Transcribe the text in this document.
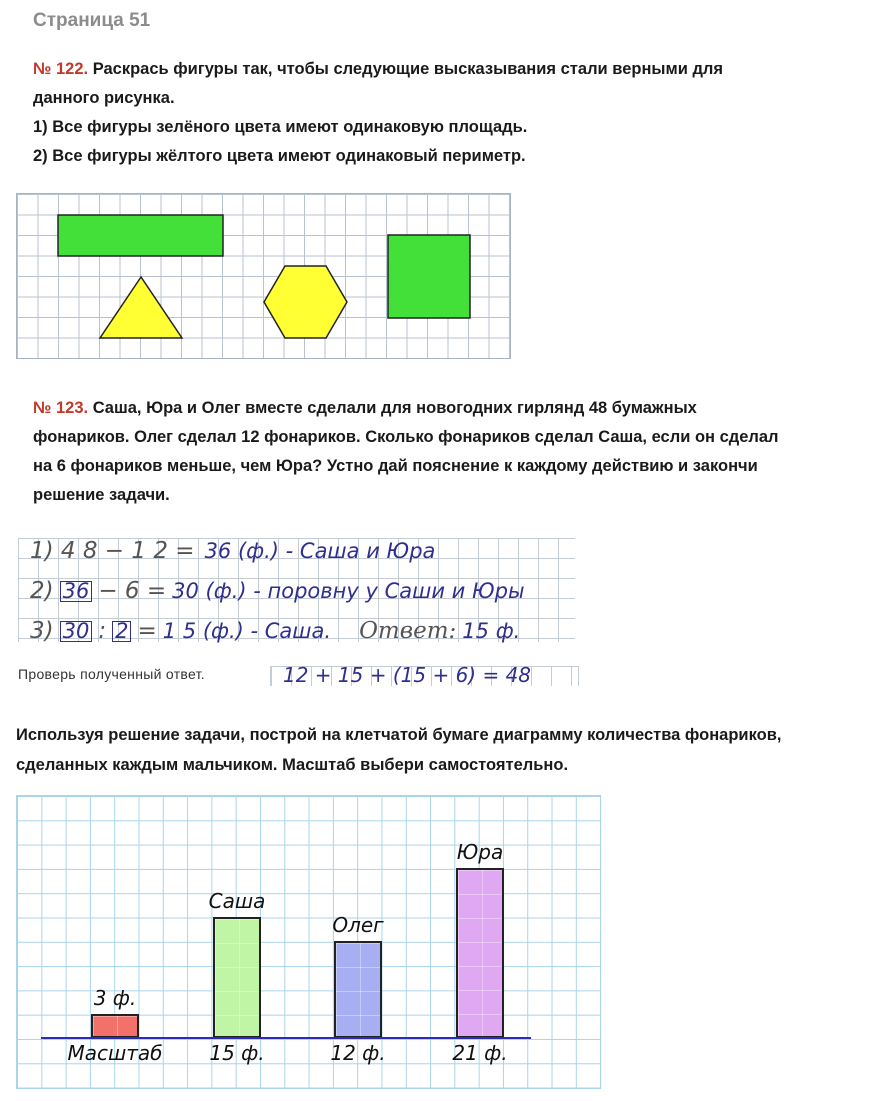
Страница 51

№ 122. Раскрась фигуры так, чтобы следующие высказывания стали верными для

данного рисунка.

1) Все фигуры зелёного цвета имеют одинаковую площадь.

2) Все фигуры жёлтого цвета имеют одинаковый периметр.

№ 123. Саша, Юра и Олег вместе сделали для новогодних гирлянд 48 бумажных

фонариков. Олег сделал 12 фонариков. Сколько фонариков сделал Саша, если он сделал

на 6 фонариков меньше, чем Юра? Устно дай пояснение к каждому действию и закончи

решение задачи.

1) 4 8 − 1 2 = 36 (ф.) - Саша и Юра
2) 36 − 6 = 30 (ф.) - поровну у Саши и Юры
3) 30 : 2 = 1 5 (ф.) - Саша. Ответ: 15 ф.
Проверь полученный ответ.	12 + 15 + (15 + 6) = 48

Используя решение задачи, построй на клетчатой бумаге диаграмму количества фонариков,

сделанных каждым мальчиком. Масштаб выбери самостоятельно.

3 ф.
Масштаб
Саша
15 ф.
Олег
12 ф.
Юра
21 ф.
